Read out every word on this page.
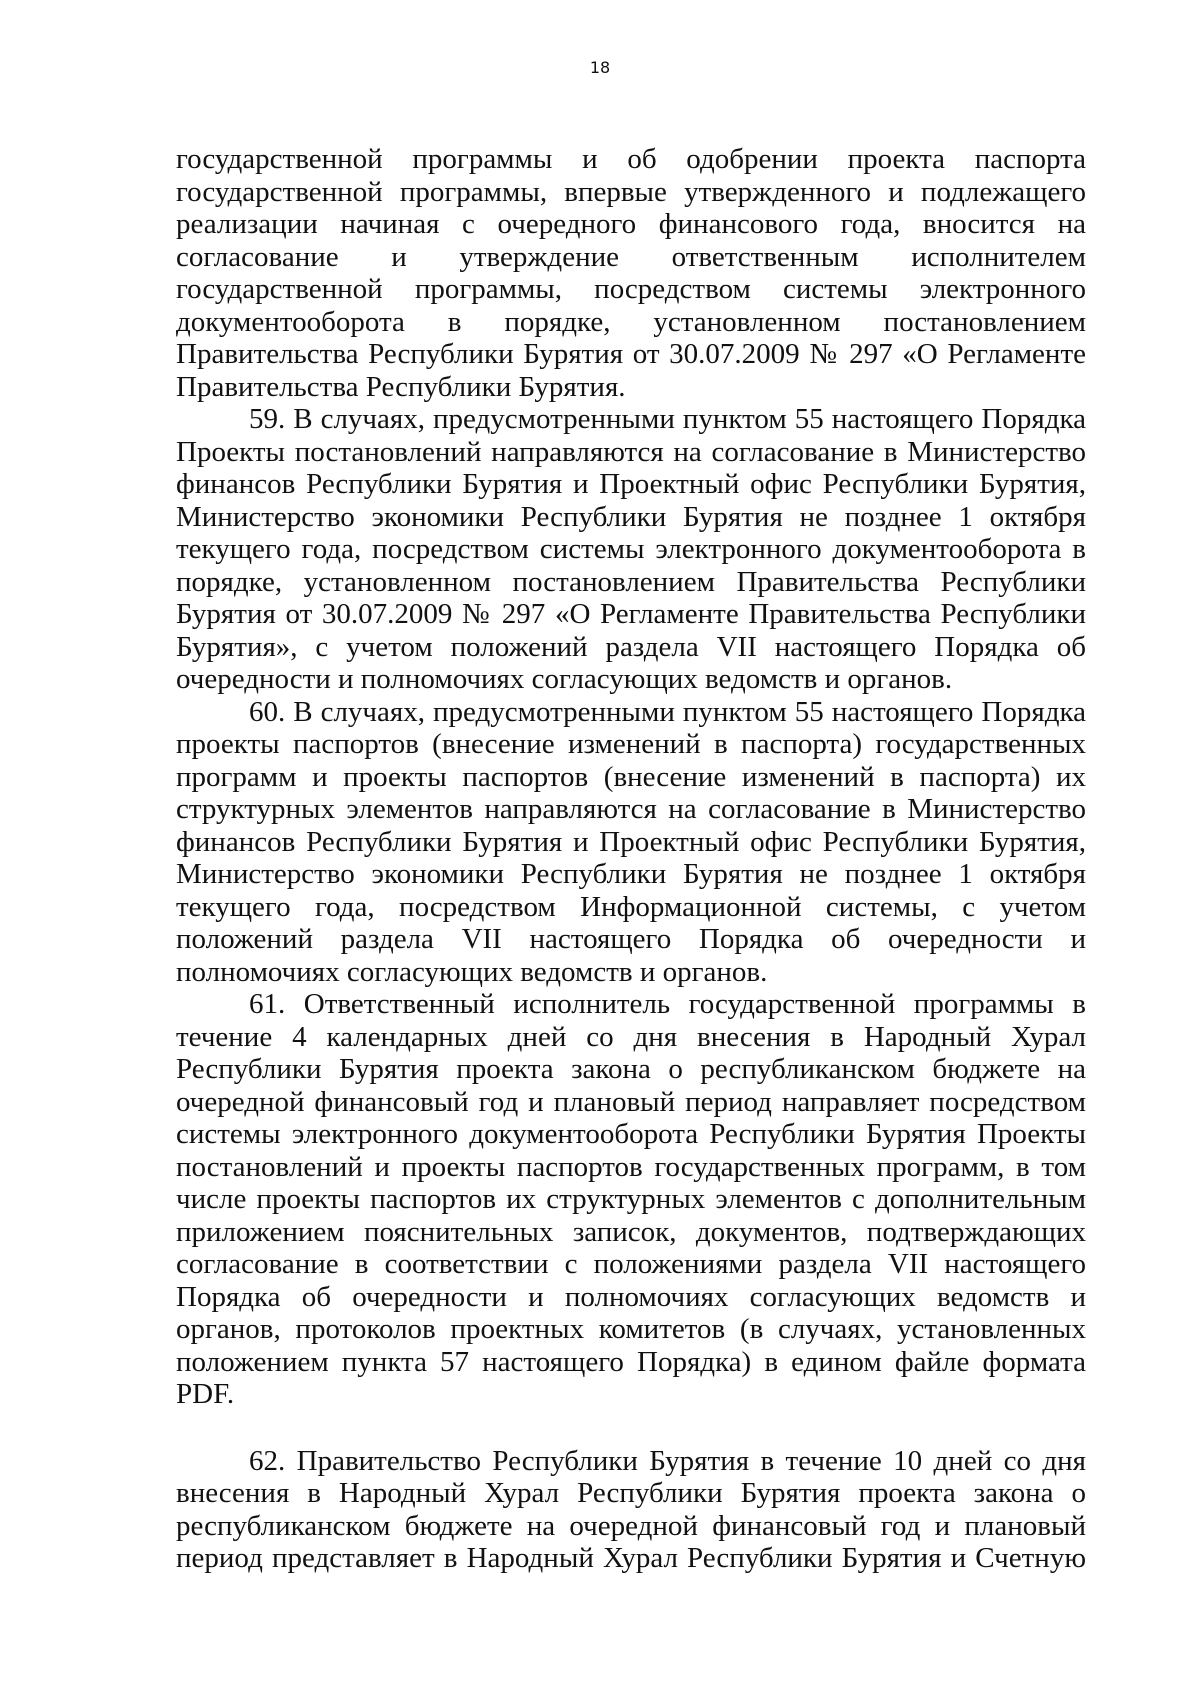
18

государственной программы и об одобрении проекта паспорта государственной программы, впервые утвержденного и подлежащего реализации начиная с очередного финансового года, вносится на согласование и утверждение ответственным исполнителем государственной программы, посредством системы электронного документооборота в порядке, установленном постановлением Правительства Республики Бурятия от 30.07.2009 № 297 «О Регламенте Правительства Республики Бурятия.

59. В случаях, предусмотренными пунктом 55 настоящего Порядка Проекты постановлений направляются на согласование в Министерство финансов Республики Бурятия и Проектный офис Республики Бурятия, Министерство экономики Республики Бурятия не позднее 1 октября текущего года, посредством системы электронного документооборота в порядке, установленном постановлением Правительства Республики Бурятия от 30.07.2009 № 297 «О Регламенте Правительства Республики Бурятия», с учетом положений раздела VII настоящего Порядка об очередности и полномочиях согласующих ведомств и органов.

60. В случаях, предусмотренными пунктом 55 настоящего Порядка проекты паспортов (внесение изменений в паспорта) государственных программ и проекты паспортов (внесение изменений в паспорта) их структурных элементов направляются на согласование в Министерство финансов Республики Бурятия и Проектный офис Республики Бурятия, Министерство экономики Республики Бурятия не позднее 1 октября текущего года, посредством Информационной системы, с учетом положений раздела VII настоящего Порядка об очередности и полномочиях согласующих ведомств и органов.

61. Ответственный исполнитель государственной программы в течение 4 календарных дней со дня внесения в Народный Хурал Республики Бурятия проекта закона о республиканском бюджете на очередной финансовый год и плановый период направляет посредством системы электронного документооборота Республики Бурятия Проекты постановлений и проекты паспортов государственных программ, в том числе проекты паспортов их структурных элементов с дополнительным приложением пояснительных записок, документов, подтверждающих согласование в соответствии с положениями раздела VII настоящего Порядка об очередности и полномочиях согласующих ведомств и органов, протоколов проектных комитетов (в случаях, установленных положением пункта 57 настоящего Порядка) в едином файле формата PDF.

62. Правительство Республики Бурятия в течение 10 дней со дня внесения в Народный Хурал Республики Бурятия проекта закона о республиканском бюджете на очередной финансовый год и плановый период представляет в Народный Хурал Республики Бурятия и Счетную
